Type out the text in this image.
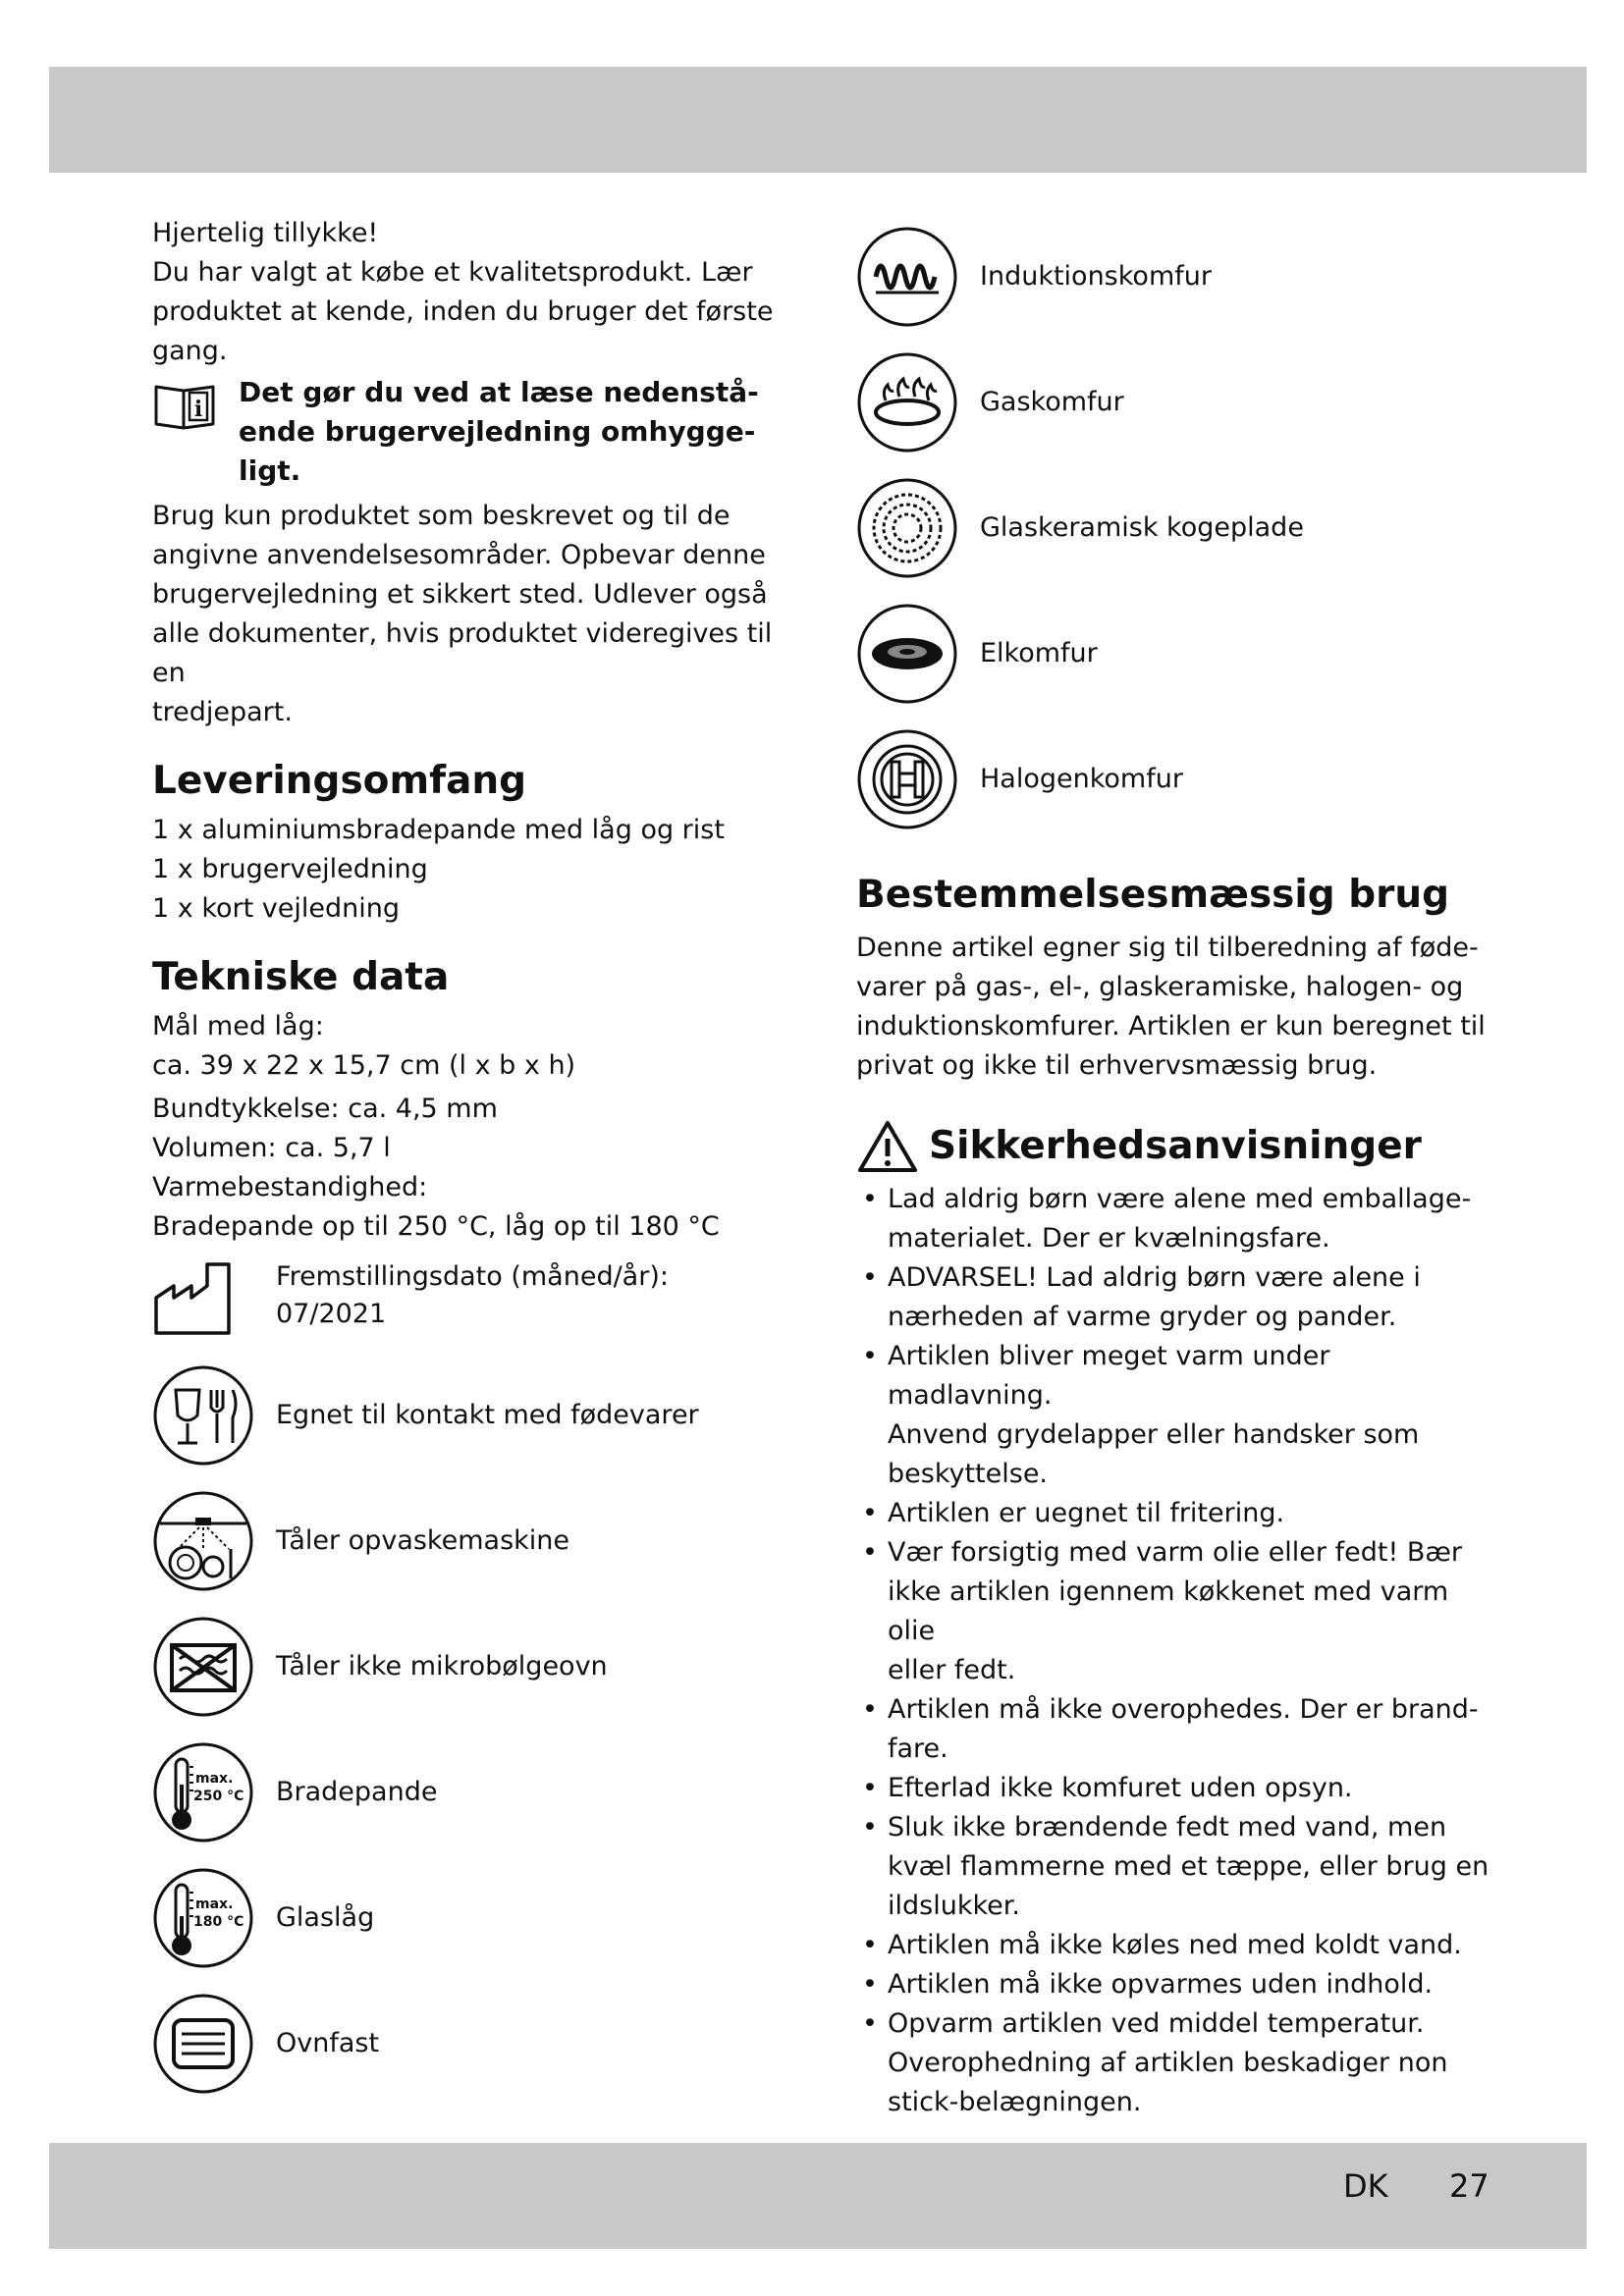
Hjertelig tillykke!

Du har valgt at købe et kvalitetsprodukt. Lær

produktet at kende, inden du bruger det første

gang.

i
Det gør du ved at læse nedenstå-
ende brugervejledning omhygge-
ligt.

Brug kun produktet som beskrevet og til de

angivne anvendelsesområder. Opbevar denne

brugervejledning et sikkert sted. Udlever også

alle dokumenter, hvis produktet videregives til en

tredjepart.

Leveringsomfang

1 x aluminiumsbradepande med låg og rist

1 x brugervejledning

1 x kort vejledning

Tekniske data

Mål med låg:

ca. 39 x 22 x 15,7 cm (l x b x h)

Bundtykkelse: ca. 4,5 mm

Volumen: ca. 5,7 l

Varmebestandighed:

Bradepande op til 250 °C, låg op til 180 °C

Fremstillingsdato (måned/år):
07/2021
Egnet til kontakt med fødevarer
Tåler opvaskemaskine
Tåler ikke mikrobølgeovn
max.
250 °C Bradepande
max.
180 °C Glaslåg
Ovnfast
Induktionskomfur
Gaskomfur
Glaskeramisk kogeplade
Elkomfur
Halogenkomfur
Bestemmelsesmæssig brug

Denne artikel egner sig til tilberedning af føde-

varer på gas-, el-, glaskeramiske, halogen- og

induktionskomfurer. Artiklen er kun beregnet til

privat og ikke til erhvervsmæssig brug.

Sikkerhedsanvisninger
• Lad aldrig børn være alene med emballage-
materialet. Der er kvælningsfare.
• ADVARSEL! Lad aldrig børn være alene i
nærheden af varme gryder og pander.
• Artiklen bliver meget varm under madlavning.
Anvend grydelapper eller handsker som
beskyttelse.
• Artiklen er uegnet til fritering.
• Vær forsigtig med varm olie eller fedt! Bær
ikke artiklen igennem køkkenet med varm olie
eller fedt.
• Artiklen må ikke overophedes. Der er brand-
fare.
• Efterlad ikke komfuret uden opsyn.
• Sluk ikke brændende fedt med vand, men
kvæl flammerne med et tæppe, eller brug en
ildslukker.
• Artiklen må ikke køles ned med koldt vand.
• Artiklen må ikke opvarmes uden indhold.
• Opvarm artiklen ved middel temperatur.
Overophedning af artiklen beskadiger non
stick-belægningen.
DK 27
